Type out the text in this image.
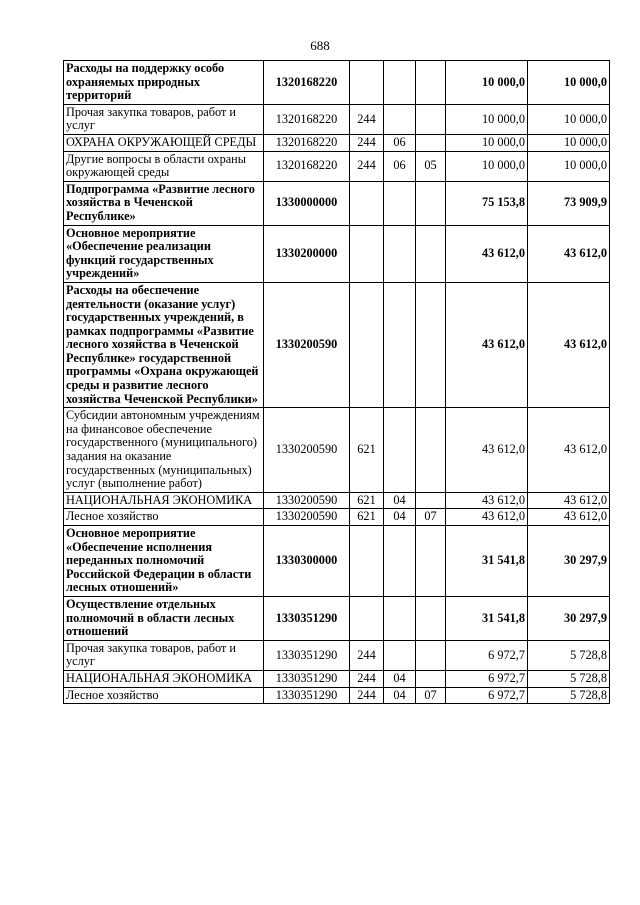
688
Расходы на поддержку особо охраняемых природных территорий	1320168220				10 000,0	10 000,0
Прочая закупка товаров, работ и услуг	1320168220	244			10 000,0	10 000,0
ОХРАНА ОКРУЖАЮЩЕЙ СРЕДЫ	1320168220	244	06		10 000,0	10 000,0
Другие вопросы в области охраны окружающей среды	1320168220	244	06	05	10 000,0	10 000,0
Подпрограмма «Развитие лесного хозяйства в Чеченской Республике»	1330000000				75 153,8	73 909,9
Основное мероприятие «Обеспечение реализации функций государственных учреждений»	1330200000				43 612,0	43 612,0
Расходы на обеспечение деятельности (оказание услуг) государственных учреждений, в рамках подпрограммы «Развитие лесного хозяйства в Чеченской Республике» государственной программы «Охрана окружающей среды и развитие лесного хозяйства Чеченской Республики»	1330200590				43 612,0	43 612,0
Субсидии автономным учреждениям на финансовое обеспечение государственного (муниципального) задания на оказание государственных (муниципальных) услуг (выполнение работ)	1330200590	621			43 612,0	43 612,0
НАЦИОНАЛЬНАЯ ЭКОНОМИКА	1330200590	621	04		43 612,0	43 612,0
Лесное хозяйство	1330200590	621	04	07	43 612,0	43 612,0
Основное мероприятие «Обеспечение исполнения переданных полномочий Российской Федерации в области лесных отношений»	1330300000				31 541,8	30 297,9
Осуществление отдельных полномочий в области лесных отношений	1330351290				31 541,8	30 297,9
Прочая закупка товаров, работ и услуг	1330351290	244			6 972,7	5 728,8
НАЦИОНАЛЬНАЯ ЭКОНОМИКА	1330351290	244	04		6 972,7	5 728,8
Лесное хозяйство	1330351290	244	04	07	6 972,7	5 728,8
